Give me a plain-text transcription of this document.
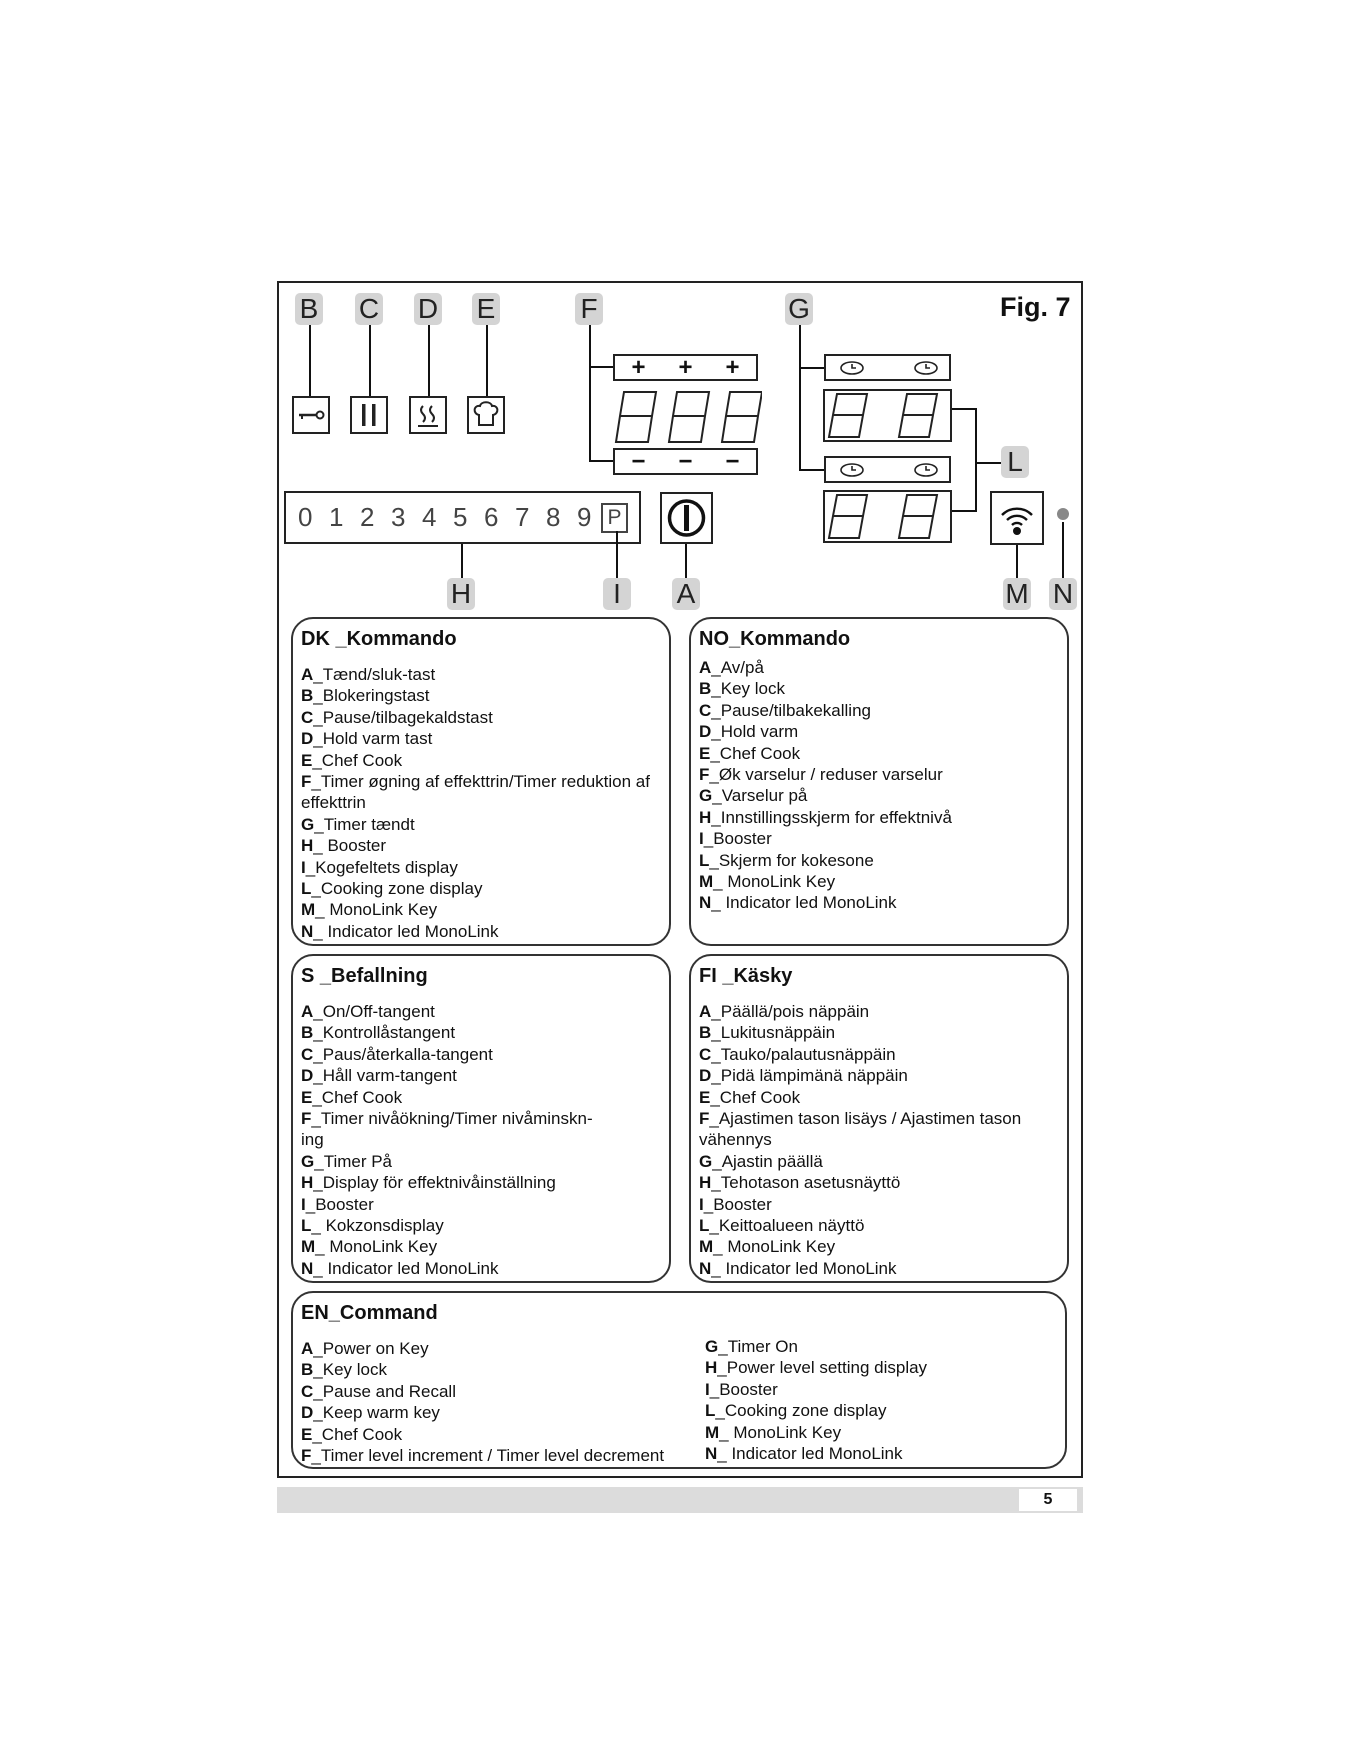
B C D E	F	G	Fig. 7
+ + +
− − −	L
0 1 2 3 4 5 6 7 8 9 P
H	I	A	M N
DK _Kommando
A_Tænd/sluk-tast
B_Blokeringstast
C_Pause/tilbagekaldstast
D_Hold varm tast
E_Chef Cook
F_Timer øgning af effekttrin/Timer reduktion af
effekttrin
G_Timer tændt
H_ Booster
I_Kogefeltets display
L_Cooking zone display
M_ MonoLink Key
N_ Indicator led MonoLink
NO_Kommando
A_Av/på
B_Key lock
C_Pause/tilbakekalling
D_Hold varm
E_Chef Cook
F_Øk varselur / reduser varselur
G_Varselur på
H_Innstillingsskjerm for effektnivå
I_Booster
L_Skjerm for kokesone
M_ MonoLink Key
N_ Indicator led MonoLink
S _Befallning
A_On/Off-tangent
B_Kontrollåstangent
C_Paus/återkalla-tangent
D_Håll varm-tangent
E_Chef Cook
F_Timer nivåökning/Timer nivåminskn-
ing
G_Timer På
H_Display för effektnivåinställning
I_Booster
L_ Kokzonsdisplay
M_ MonoLink Key
N_ Indicator led MonoLink
FI _Käsky
A_Päällä/pois näppäin
B_Lukitusnäppäin
C_Tauko/palautusnäppäin
D_Pidä lämpimänä näppäin
E_Chef Cook
F_Ajastimen tason lisäys / Ajastimen tason
vähennys
G_Ajastin päällä
H_Tehotason asetusnäyttö
I_Booster
L_Keittoalueen näyttö
M_ MonoLink Key
N_ Indicator led MonoLink
EN_Command
A_Power on Key
B_Key lock
C_Pause and Recall
D_Keep warm key
E_Chef Cook
F_Timer level increment / Timer level decrement
G_Timer On
H_Power level setting display
I_Booster
L_Cooking zone display
M_ MonoLink Key
N_ Indicator led MonoLink
5
